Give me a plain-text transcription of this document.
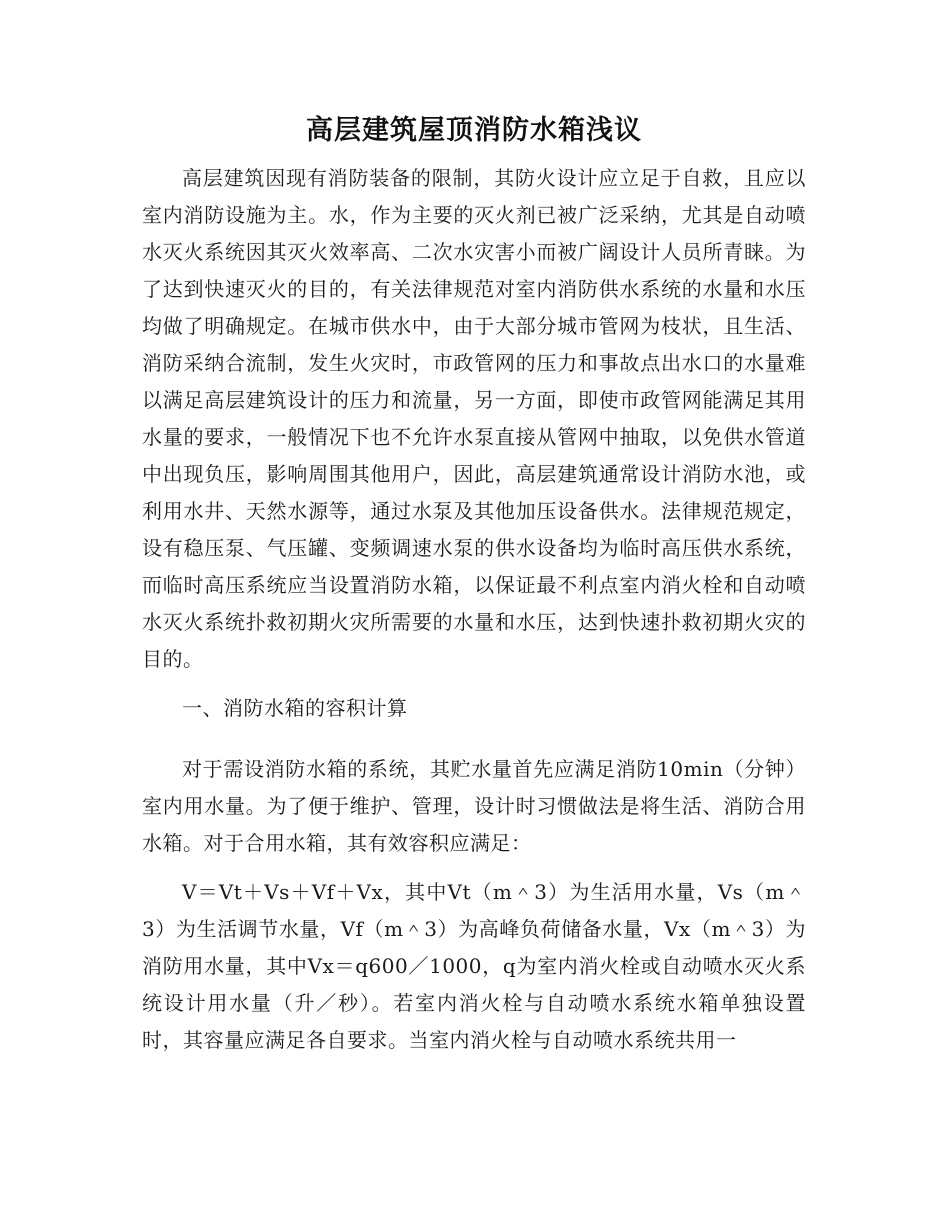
高层建筑屋顶消防水箱浅议

高层建筑因现有消防装备的限制，其防火设计应立足于自救，且应以室内消防设施为主。水，作为主要的灭火剂已被广泛采纳，尤其是自动喷水灭火系统因其灭火效率高、二次水灾害小而被广阔设计人员所青睐。为了达到快速灭火的目的，有关法律规范对室内消防供水系统的水量和水压均做了明确规定。在城市供水中，由于大部分城市管网为枝状，且生活、消防采纳合流制，发生火灾时，市政管网的压力和事故点出水口的水量难以满足高层建筑设计的压力和流量，另一方面，即使市政管网能满足其用水量的要求，一般情况下也不允许水泵直接从管网中抽取，以免供水管道中出现负压，影响周围其他用户，因此，高层建筑通常设计消防水池，或利用水井、天然水源等，通过水泵及其他加压设备供水。法律规范规定，设有稳压泵、气压罐、变频调速水泵的供水设备均为临时高压供水系统，而临时高压系统应当设置消防水箱，以保证最不利点室内消火栓和自动喷水灭火系统扑救初期火灾所需要的水量和水压，达到快速扑救初期火灾的目的。

一、消防水箱的容积计算

对于需设消防水箱的系统，其贮水量首先应满足消防10min（分钟）室内用水量。为了便于维护、管理，设计时习惯做法是将生活、消防合用水箱。对于合用水箱，其有效容积应满足：

V＝Vt＋Vs＋Vf＋Vx，其中Vt（m＾3）为生活用水量，Vs（m＾3）为生活调节水量，Vf（m＾3）为高峰负荷储备水量，Vx（m＾3）为消防用水量，其中Vx＝q600／1000，q为室内消火栓或自动喷水灭火系统设计用水量（升／秒）。若室内消火栓与自动喷水系统水箱单独设置时，其容量应满足各自要求。当室内消火栓与自动喷水系统共用一
